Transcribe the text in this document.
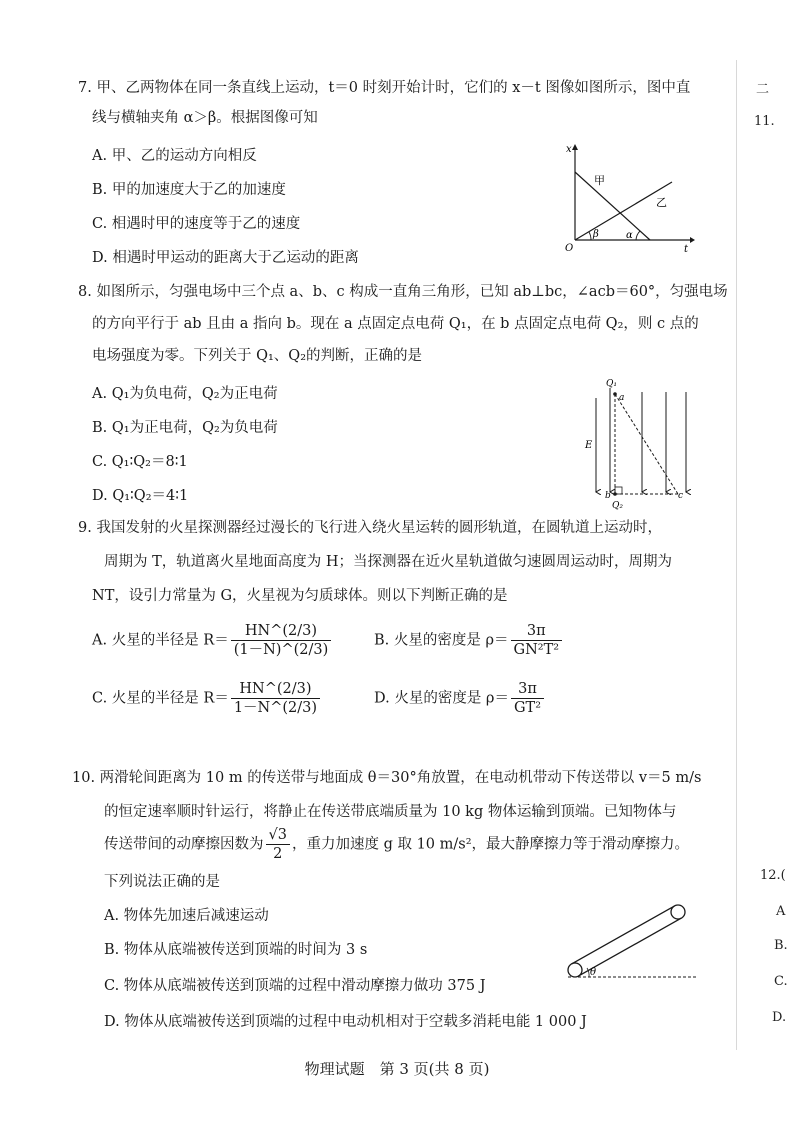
二
11.
12.(
A
B.
C.
D.
7. 甲、乙两物体在同一条直线上运动，t＝0 时刻开始计时，它们的 x－t 图像如图所示，图中直
线与横轴夹角 α＞β。根据图像可知
A. 甲、乙的运动方向相反
B. 甲的加速度大于乙的加速度
C. 相遇时甲的速度等于乙的速度
D. 相遇时甲运动的距离大于乙运动的距离
x
t
O
甲
乙
β	α
8. 如图所示，匀强电场中三个点 a、b、c 构成一直角三角形，已知 ab⊥bc，∠acb＝60°，匀强电场
的方向平行于 ab 且由 a 指向 b。现在 a 点固定点电荷 Q₁，在 b 点固定点电荷 Q₂，则 c 点的
电场强度为零。下列关于 Q₁、Q₂的判断，正确的是
A. Q₁为负电荷，Q₂为正电荷
B. Q₁为正电荷，Q₂为负电荷
C. Q₁∶Q₂＝8∶1
D. Q₁∶Q₂＝4∶1
Q₁
a
b
Q₂
c
E
9. 我国发射的火星探测器经过漫长的飞行进入绕火星运转的圆形轨道，在圆轨道上运动时，
周期为 T，轨道离火星地面高度为 H；当探测器在近火星轨道做匀速圆周运动时，周期为
NT，设引力常量为 G，火星视为匀质球体。则以下判断正确的是
A. 火星的半径是 $R= \frac{HN\^{}(2/3)}{(1-N)\^{}(2/3)}$	B. 火星的密度是 $\rho= \frac{3\pi}{\text{GN²T²}}$
C. 火星的半径是 $R= \frac{HN\^{}(2/3)}{1-N\^{}(2/3)}$	D. 火星的密度是 $\rho= \frac{3\pi}{\text{GT²}}$
10. 两滑轮间距离为 10 m 的传送带与地面成 θ＝30°角放置，在电动机带动下传送带以 v＝5 m/s
的恒定速率顺时针运行，将静止在传送带底端质量为 10 kg 物体运输到顶端。已知物体与
传送带间的动摩擦因数为 $\frac{√3}{2}$ ，重力加速度 g 取 10 m/s²，最大静摩擦力等于滑动摩擦力。
下列说法正确的是
A. 物体先加速后减速运动
B. 物体从底端被传送到顶端的时间为 3 s
C. 物体从底端被传送到顶端的过程中滑动摩擦力做功 375 J
D. 物体从底端被传送到顶端的过程中电动机相对于空载多消耗电能 1 000 J
θ
物理试题　第 3 页(共 8 页)
